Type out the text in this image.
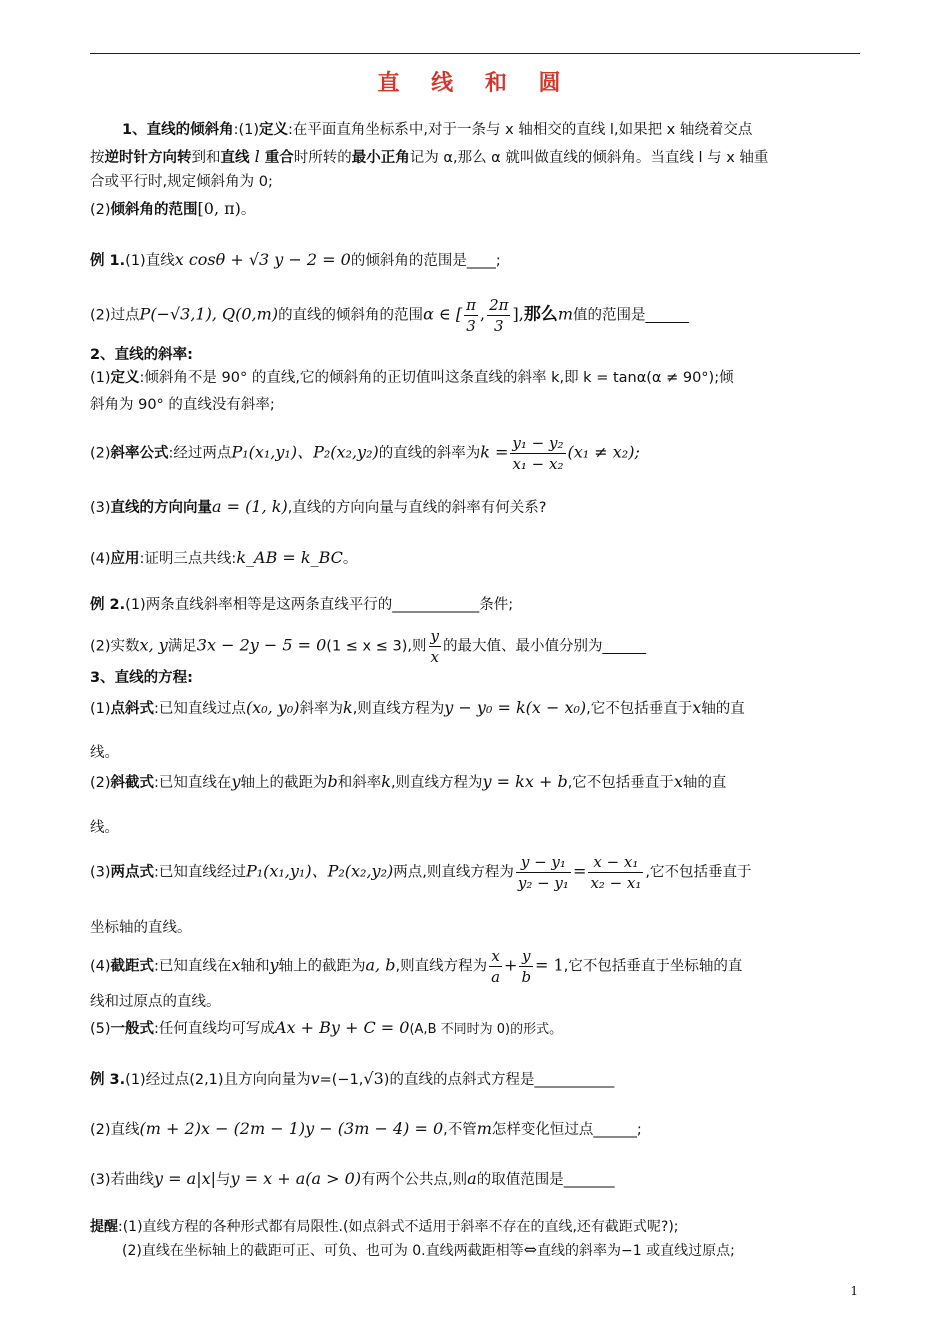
直 线 和 圆
1、直线的倾斜角:(1)定义:在平面直角坐标系中,对于一条与 x 轴相交的直线 l,如果把 x 轴绕着交点
按逆时针方向转到和直线 l 重合时所转的最小正角记为 α,那么 α 就叫做直线的倾斜角。当直线 l 与 x 轴重
合或平行时,规定倾斜角为 0;
(2)倾斜角的范围[0, π)。
例 1.(1)直线x cosθ + √3 y − 2 = 0的倾斜角的范围是____;
(2)过点P(−√3,1), Q(0,m)的直线的倾斜角的范围α ∈ [ $\frac{\pi}{3}$ , $\frac{2\pi}{3}$ ],那么m值的范围是______
2、直线的斜率:
(1)定义:倾斜角不是 90° 的直线,它的倾斜角的正切值叫这条直线的斜率 k,即 k = tanα(α ≠ 90°);倾
斜角为 90° 的直线没有斜率;
(2)斜率公式:经过两点P₁(x₁,y₁)、P₂(x₂,y₂)的直线的斜率为$k = \frac{\text{y₁ − y₂}}{\text{x₁ − x₂}} (x_1 \ne x_2)$;
(3)直线的方向向量a = (1, k),直线的方向向量与直线的斜率有何关系?
(4)应用:证明三点共线:k_AB = k_BC。
例 2.(1)两条直线斜率相等是这两条直线平行的____________条件;
(2)实数x, y满足3x − 2y − 5 = 0(1 ≤ x ≤ 3),则 $\frac{y}{x}$ 的最大值、最小值分别为______
3、直线的方程:
(1)点斜式:已知直线过点(x₀, y₀)斜率为k,则直线方程为y − y₀ = k(x − x₀),它不包括垂直于x轴的直
线。
(2)斜截式:已知直线在y轴上的截距为b和斜率k,则直线方程为y = kx + b,它不包括垂直于x轴的直
线。
(3)两点式:已知直线经过P₁(x₁,y₁)、P₂(x₂,y₂)两点,则直线方程为 $\frac{\text{y − y₁}}{\text{y₂ − y₁}} = \frac{\text{x − x₁}}{\text{x₂ − x₁}}$ ,它不包括垂直于
坐标轴的直线。
(4)截距式:已知直线在x轴和y轴上的截距为a, b,则直线方程为 $\frac{x}{a} + \frac{y}{b} = 1$,它不包括垂直于坐标轴的直
线和过原点的直线。
(5)一般式:任何直线均可写成Ax + By + C = 0(A,B 不同时为 0)的形式。
例 3.(1)经过点(2,1)且方向向量为v=(−1,√3)的直线的点斜式方程是___________
(2)直线(m + 2)x − (2m − 1)y − (3m − 4) = 0,不管m怎样变化恒过点______;
(3)若曲线y = a|x|与y = x + a(a > 0)有两个公共点,则a的取值范围是_______
提醒:(1)直线方程的各种形式都有局限性.(如点斜式不适用于斜率不存在的直线,还有截距式呢?);
(2)直线在坐标轴上的截距可正、可负、也可为 0.直线两截距相等⇔直线的斜率为−1 或直线过原点;
1
